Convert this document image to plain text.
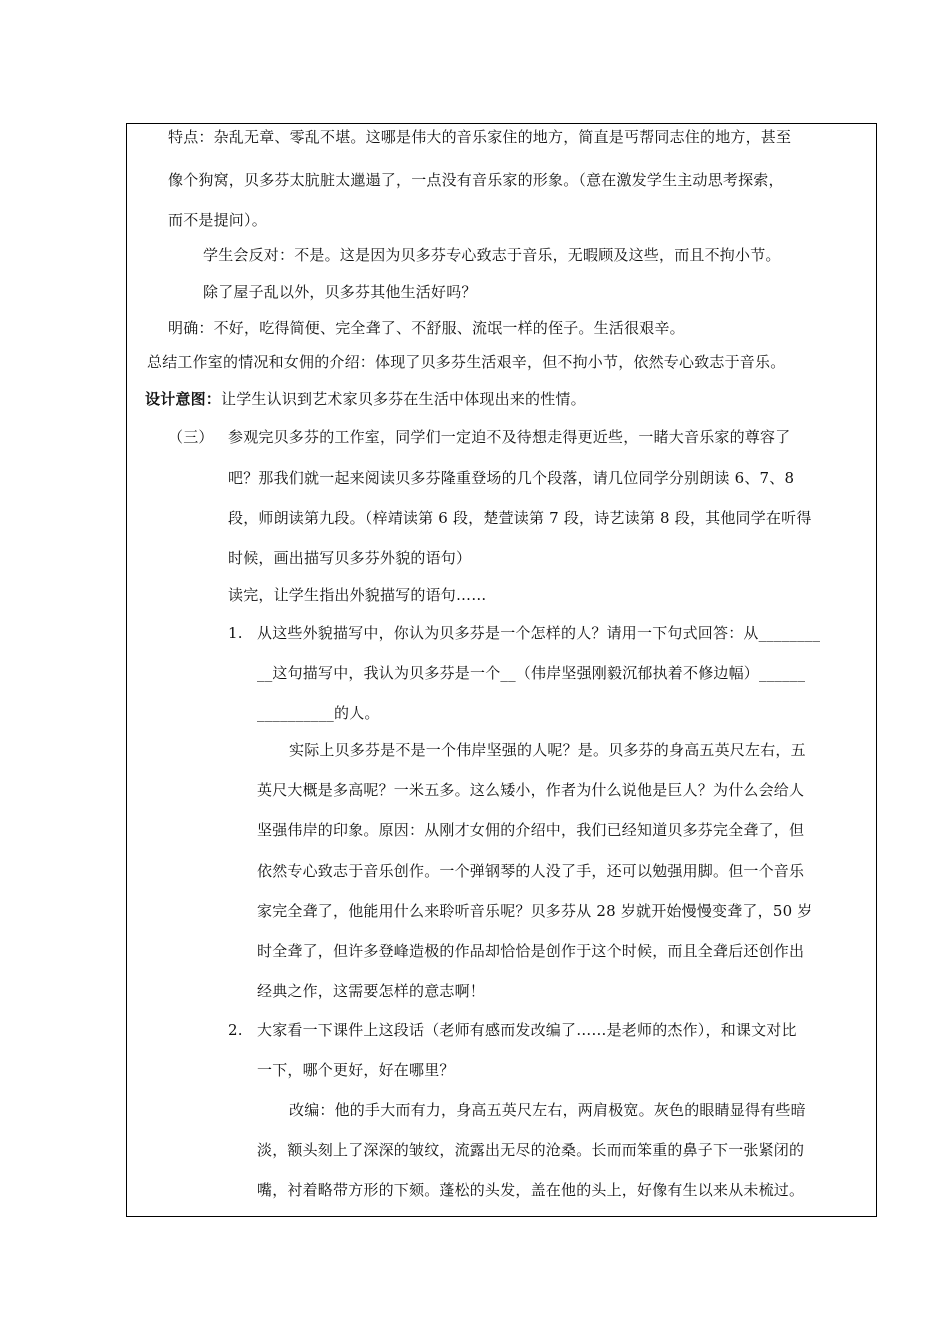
特点：杂乱无章、零乱不堪。这哪是伟大的音乐家住的地方，简直是丐帮同志住的地方，甚至
像个狗窝，贝多芬太肮脏太邋遢了，一点没有音乐家的形象。（意在激发学生主动思考探索，
而不是提问）。
学生会反对：不是。这是因为贝多芬专心致志于音乐，无暇顾及这些，而且不拘小节。
除了屋子乱以外，贝多芬其他生活好吗？
明确：不好，吃得简便、完全聋了、不舒服、流氓一样的侄子。生活很艰辛。
总结工作室的情况和女佣的介绍：体现了贝多芬生活艰辛，但不拘小节，依然专心致志于音乐。
设计意图：让学生认识到艺术家贝多芬在生活中体现出来的性情。
（三） 参观完贝多芬的工作室，同学们一定迫不及待想走得更近些，一睹大音乐家的尊容了
吧？那我们就一起来阅读贝多芬隆重登场的几个段落，请几位同学分别朗读 6、7、8
段，师朗读第九段。（梓靖读第 6 段，楚萱读第 7 段，诗艺读第 8 段，其他同学在听得
时候，画出描写贝多芬外貌的语句）
读完，让学生指出外貌描写的语句……
1. 从这些外貌描写中，你认为贝多芬是一个怎样的人？请用一下句式回答：从________
__这句描写中，我认为贝多芬是一个__（伟岸坚强刚毅沉郁执着不修边幅）______
__________的人。
实际上贝多芬是不是一个伟岸坚强的人呢？是。贝多芬的身高五英尺左右，五
英尺大概是多高呢？一米五多。这么矮小，作者为什么说他是巨人？为什么会给人
坚强伟岸的印象。原因：从刚才女佣的介绍中，我们已经知道贝多芬完全聋了，但
依然专心致志于音乐创作。一个弹钢琴的人没了手，还可以勉强用脚。但一个音乐
家完全聋了，他能用什么来聆听音乐呢？贝多芬从 28 岁就开始慢慢变聋了，50 岁
时全聋了，但许多登峰造极的作品却恰恰是创作于这个时候，而且全聋后还创作出
经典之作，这需要怎样的意志啊！
2. 大家看一下课件上这段话（老师有感而发改编了……是老师的杰作），和课文对比
一下，哪个更好，好在哪里？
改编：他的手大而有力，身高五英尺左右，两肩极宽。灰色的眼睛显得有些暗
淡，额头刻上了深深的皱纹，流露出无尽的沧桑。长而而笨重的鼻子下一张紧闭的
嘴，衬着略带方形的下颏。蓬松的头发，盖在他的头上，好像有生以来从未梳过。
